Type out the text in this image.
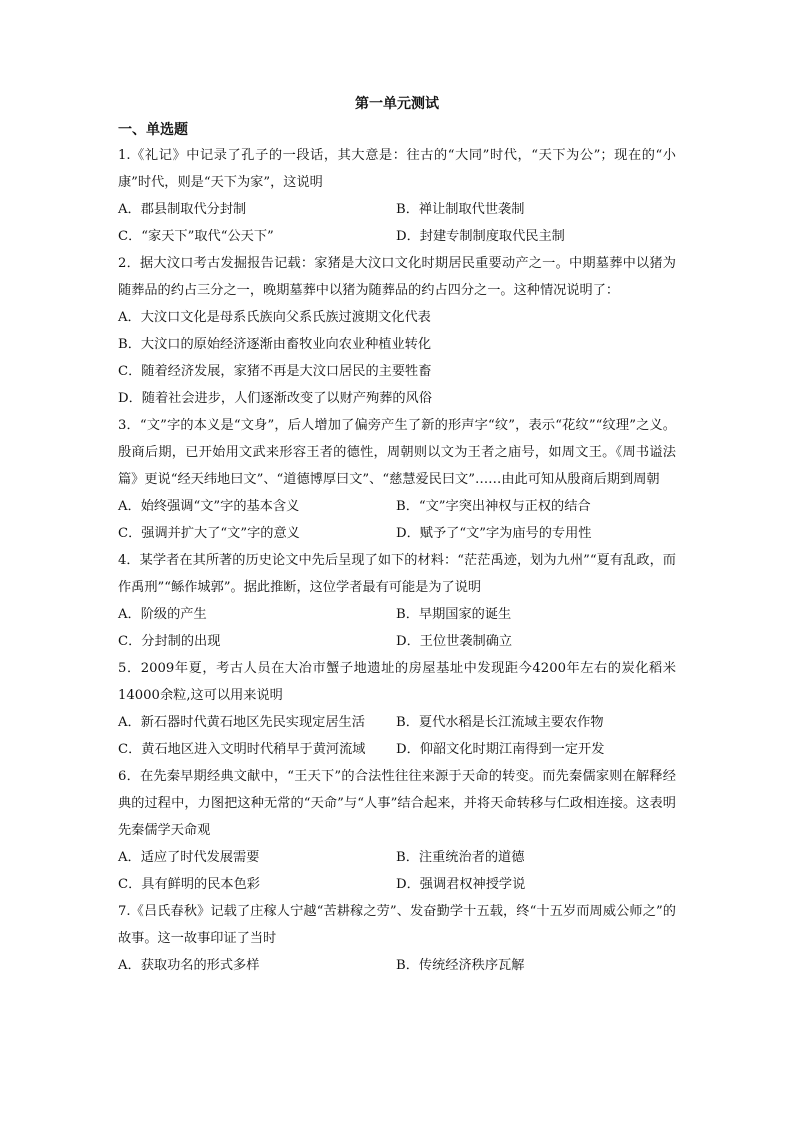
第一单元测试
一、单选题

1.《礼记》中记录了孔子的一段话，其大意是：往古的“大同”时代，“天下为公”；现在的“小康”时代，则是“天下为家”，这说明

A．郡县制取代分封制	B．禅让制取代世袭制
C．“家天下”取代“公天下”	D．封建专制制度取代民主制

2．据大汶口考古发掘报告记载：家猪是大汶口文化时期居民重要动产之一。中期墓葬中以猪为随葬品的约占三分之一，晚期墓葬中以猪为随葬品的约占四分之一。这种情况说明了：

A．大汶口文化是母系氏族向父系氏族过渡期文化代表
B．大汶口的原始经济逐渐由畜牧业向农业种植业转化
C．随着经济发展，家猪不再是大汶口居民的主要牲畜
D．随着社会进步，人们逐渐改变了以财产殉葬的风俗

3．“文”字的本义是“文身”，后人增加了偏旁产生了新的形声字“纹”，表示“花纹”“纹理”之义。殷商后期，已开始用文武来形容王者的德性，周朝则以文为王者之庙号，如周文王。《周书谥法篇》更说“经天纬地曰文”、“道德博厚曰文”、“慈慧爱民曰文”……由此可知从殷商后期到周朝

A．始终强调“文”字的基本含义	B．“文”字突出神权与正权的结合
C．强调并扩大了“文”字的意义	D．赋予了“文”字为庙号的专用性

4．某学者在其所著的历史论文中先后呈现了如下的材料：“茫茫禹迹，划为九州”“夏有乱政，而作禹刑”“鲧作城郭”。据此推断，这位学者最有可能是为了说明

A．阶级的产生	B．早期国家的诞生
C．分封制的出现	D．王位世袭制确立

5．2009年夏，考古人员在大冶市蟹子地遗址的房屋基址中发现距今4200年左右的炭化稻米14000余粒,这可以用来说明

A．新石器时代黄石地区先民实现定居生活	B．夏代水稻是长江流域主要农作物
C．黄石地区进入文明时代稍早于黄河流域	D．仰韶文化时期江南得到一定开发

6．在先秦早期经典文献中，“王天下”的合法性往往来源于天命的转变。而先秦儒家则在解释经典的过程中，力图把这种无常的“天命”与“人事”结合起来，并将天命转移与仁政相连接。这表明先秦儒学天命观

A．适应了时代发展需要	B．注重统治者的道德
C．具有鲜明的民本色彩	D．强调君权神授学说

7.《吕氏春秋》记载了庄稼人宁越“苦耕稼之劳”、发奋勤学十五载，终“十五岁而周威公师之”的故事。这一故事印证了当时

A．获取功名的形式多样	B．传统经济秩序瓦解
